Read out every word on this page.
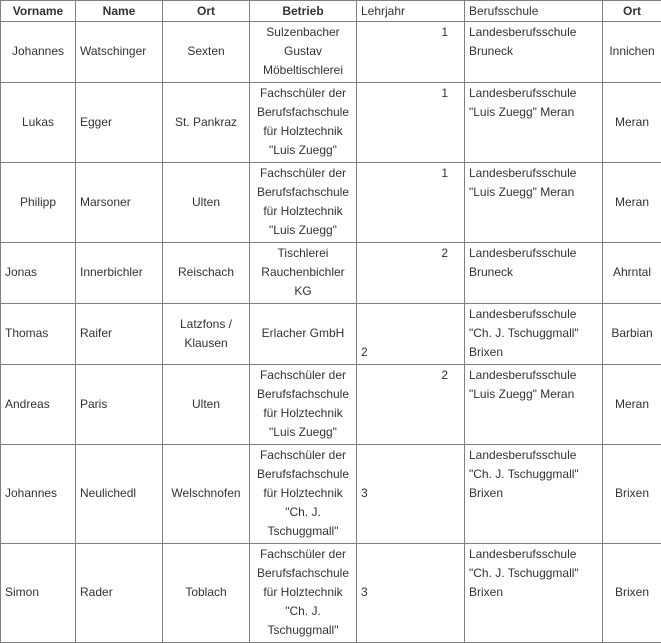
Vorname	Name	Ort	Betrieb	Lehrjahr	Berufsschule	Ort
Johannes	Watschinger	Sexten	Sulzenbacher
Gustav
Möbeltischlerei	1	Landesberufsschule
Bruneck	Innichen
Lukas	Egger	St. Pankraz	Fachschüler der
Berufsfachschule
für Holztechnik
"Luis Zuegg"	1	Landesberufsschule
"Luis Zuegg" Meran	Meran
Philipp	Marsoner	Ulten	Fachschüler der
Berufsfachschule
für Holztechnik
"Luis Zuegg"	1	Landesberufsschule
"Luis Zuegg" Meran	Meran
Jonas	Innerbichler	Reischach	Tischlerei
Rauchenbichler
KG	2	Landesberufsschule
Bruneck	Ahrntal
Thomas	Raifer	Latzfons /
Klausen	Erlacher GmbH	2	Landesberufsschule
"Ch. J. Tschuggmall"
Brixen	Barbian
Andreas	Paris	Ulten	Fachschüler der
Berufsfachschule
für Holztechnik
"Luis Zuegg"	2	Landesberufsschule
"Luis Zuegg" Meran	Meran
Johannes	Neulichedl	Welschnofen	Fachschüler der
Berufsfachschule
für Holztechnik
"Ch. J.
Tschuggmall"	3	Landesberufsschule
"Ch. J. Tschuggmall"
Brixen	Brixen
Simon	Rader	Toblach	Fachschüler der
Berufsfachschule
für Holztechnik
"Ch. J.
Tschuggmall"	3	Landesberufsschule
"Ch. J. Tschuggmall"
Brixen	Brixen
